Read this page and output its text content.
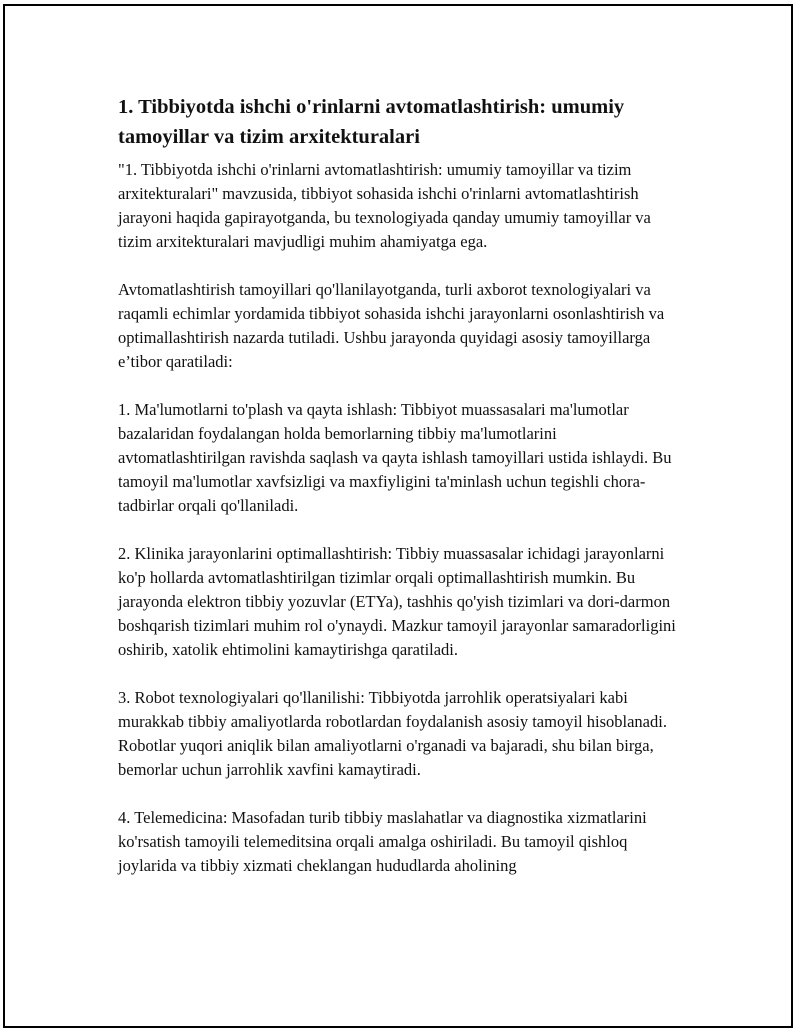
1. Tibbiyotda ishchi o'rinlarni avtomatlashtirish: umumiy tamoyillar va tizim arxitekturalari

"1. Tibbiyotda ishchi o'rinlarni avtomatlashtirish: umumiy tamoyillar va tizim arxitekturalari" mavzusida, tibbiyot sohasida ishchi o'rinlarni avtomatlashtirish jarayoni haqida gapirayotganda, bu texnologiyada qanday umumiy tamoyillar va tizim arxitekturalari mavjudligi muhim ahamiyatga ega.

Avtomatlashtirish tamoyillari qo'llanilayotganda, turli axborot texnologiyalari va raqamli echimlar yordamida tibbiyot sohasida ishchi jarayonlarni osonlashtirish va optimallashtirish nazarda tutiladi. Ushbu jarayonda quyidagi asosiy tamoyillarga e’tibor qaratiladi:

1. Ma'lumotlarni to'plash va qayta ishlash: Tibbiyot muassasalari ma'lumotlar bazalaridan foydalangan holda bemorlarning tibbiy ma'lumotlarini avtomatlashtirilgan ravishda saqlash va qayta ishlash tamoyillari ustida ishlaydi. Bu tamoyil ma'lumotlar xavfsizligi va maxfiyligini ta'minlash uchun tegishli chora-tadbirlar orqali qo'llaniladi.

2. Klinika jarayonlarini optimallashtirish: Tibbiy muassasalar ichidagi jarayonlarni ko'p hollarda avtomatlashtirilgan tizimlar orqali optimallashtirish mumkin. Bu jarayonda elektron tibbiy yozuvlar (ETYa), tashhis qo'yish tizimlari va dori-darmon boshqarish tizimlari muhim rol o'ynaydi. Mazkur tamoyil jarayonlar samaradorligini oshirib, xatolik ehtimolini kamaytirishga qaratiladi.

3. Robot texnologiyalari qo'llanilishi: Tibbiyotda jarrohlik operatsiyalari kabi murakkab tibbiy amaliyotlarda robotlardan foydalanish asosiy tamoyil hisoblanadi. Robotlar yuqori aniqlik bilan amaliyotlarni o'rganadi va bajaradi, shu bilan birga, bemorlar uchun jarrohlik xavfini kamaytiradi.

4. Telemedicina: Masofadan turib tibbiy maslahatlar va diagnostika xizmatlarini ko'rsatish tamoyili telemeditsina orqali amalga oshiriladi. Bu tamoyil qishloq joylarida va tibbiy xizmati cheklangan hududlarda aholining
